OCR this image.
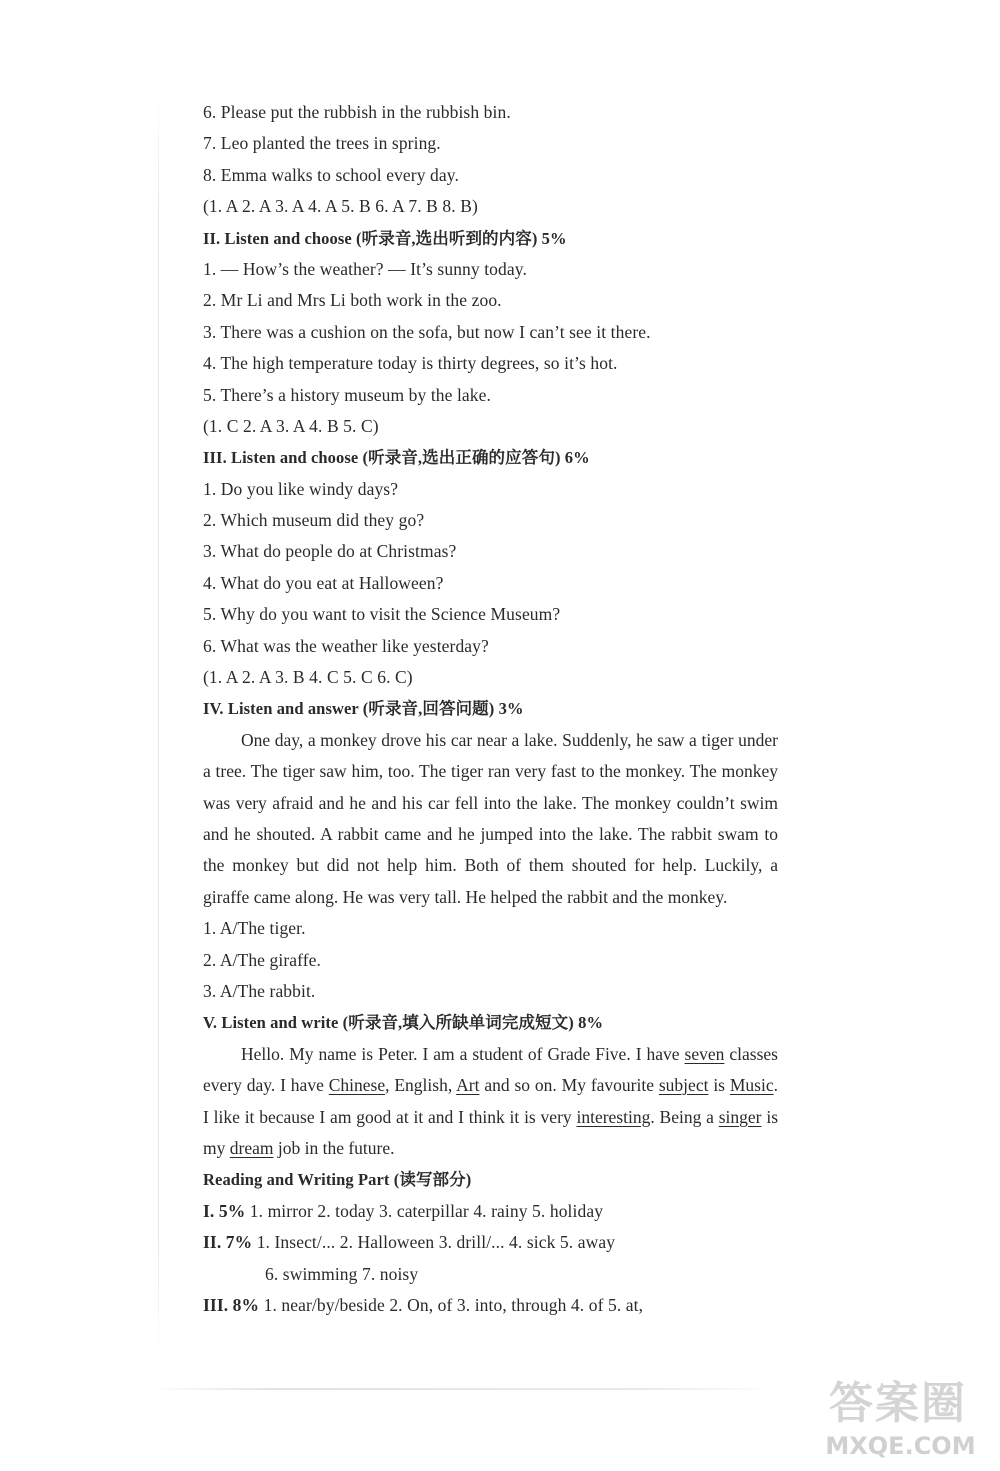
6. Please put the rubbish in the rubbish bin.
7. Leo planted the trees in spring.
8. Emma walks to school every day.
(1. A 2. A 3. A 4. A 5. B 6. A 7. B 8. B)
II. Listen and choose (听录音,选出听到的内容) 5%
1. — How’s the weather? — It’s sunny today.
2. Mr Li and Mrs Li both work in the zoo.
3. There was a cushion on the sofa, but now I can’t see it there.
4. The high temperature today is thirty degrees, so it’s hot.
5. There’s a history museum by the lake.
(1. C 2. A 3. A 4. B 5. C)
III. Listen and choose (听录音,选出正确的应答句) 6%
1. Do you like windy days?
2. Which museum did they go?
3. What do people do at Christmas?
4. What do you eat at Halloween?
5. Why do you want to visit the Science Museum?
6. What was the weather like yesterday?
(1. A 2. A 3. B 4. C 5. C 6. C)
IV. Listen and answer (听录音,回答问题) 3%

One day, a monkey drove his car near a lake. Suddenly, he saw a tiger under a tree. The tiger saw him, too. The tiger ran very fast to the monkey. The monkey was very afraid and he and his car fell into the lake. The monkey couldn’t swim and he shouted. A rabbit came and he jumped into the lake. The rabbit swam to the monkey but did not help him. Both of them shouted for help. Luckily, a giraffe came along. He was very tall. He helped the rabbit and the monkey.

1. A/The tiger.
2. A/The giraffe.
3. A/The rabbit.
V. Listen and write (听录音,填入所缺单词完成短文) 8%

Hello. My name is Peter. I am a student of Grade Five. I have seven classes every day. I have Chinese, English, Art and so on. My favourite subject is Music. I like it because I am good at it and I think it is very interesting. Being a singer is my dream job in the future.

Reading and Writing Part (读写部分)
I. 5% 1. mirror 2. today 3. caterpillar 4. rainy 5. holiday
II. 7% 1. Insect/... 2. Halloween 3. drill/... 4. sick 5. away
6. swimming 7. noisy
III. 8% 1. near/by/beside 2. On, of 3. into, through 4. of 5. at,
答案圈
MXQE.COM
